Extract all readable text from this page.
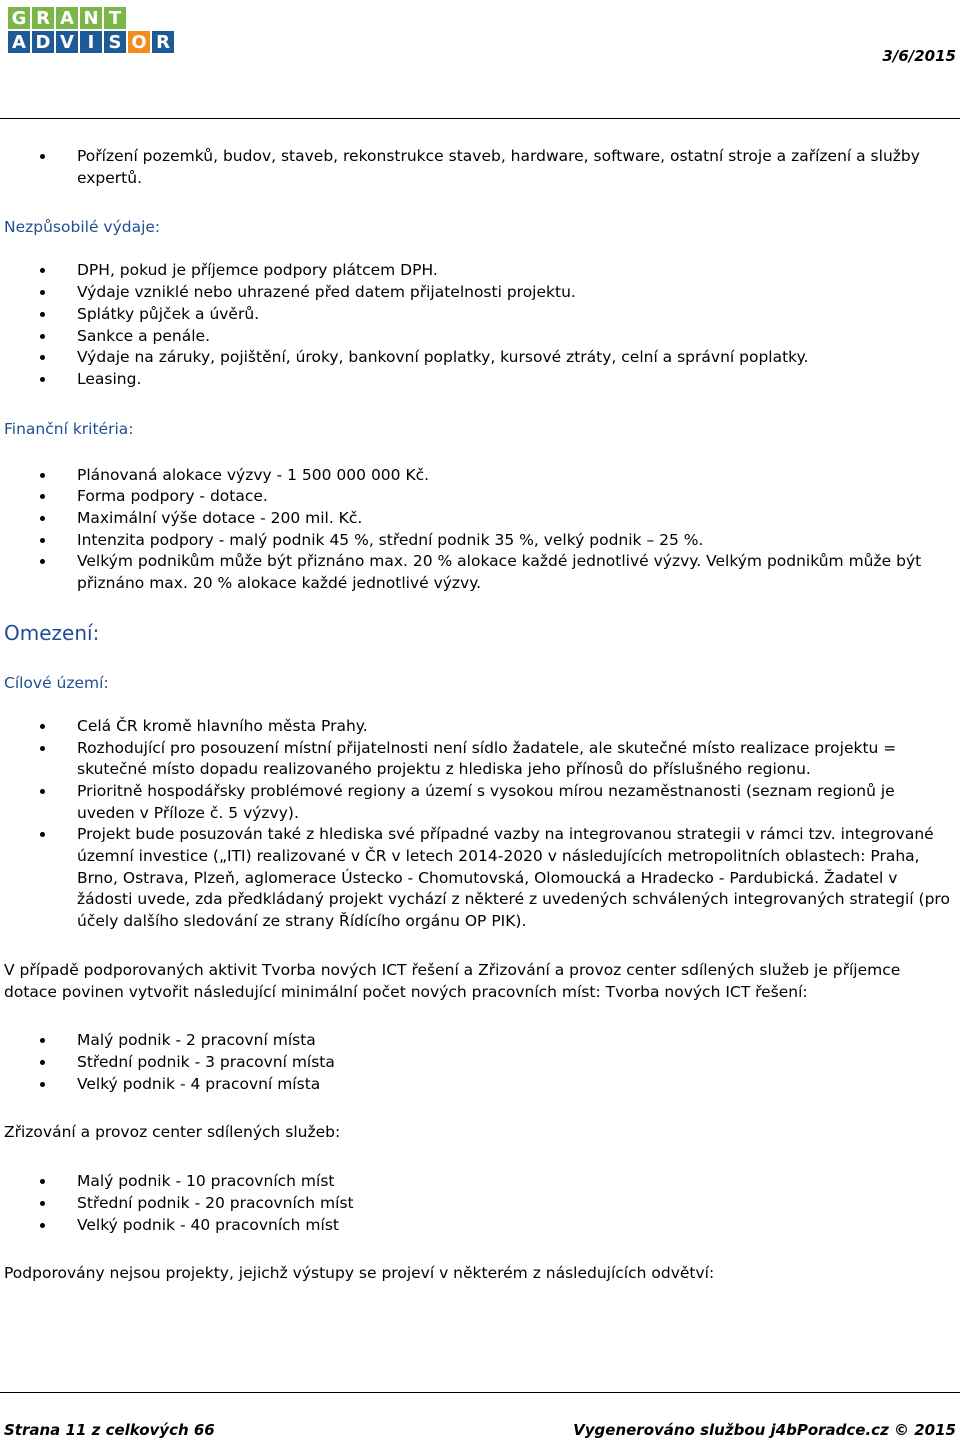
G R A N T
A D V I S O R
3/6/2015
Pořízení pozemků, budov, staveb, rekonstrukce staveb, hardware, software, ostatní stroje a zařízení a služby expertů.
Nezpůsobilé výdaje:
DPH, pokud je příjemce podpory plátcem DPH.
Výdaje vzniklé nebo uhrazené před datem přijatelnosti projektu.
Splátky půjček a úvěrů.
Sankce a penále.
Výdaje na záruky, pojištění, úroky, bankovní poplatky, kursové ztráty, celní a správní poplatky.
Leasing.
Finanční kritéria:
Plánovaná alokace výzvy - 1 500 000 000 Kč.
Forma podpory - dotace.
Maximální výše dotace - 200 mil. Kč.
Intenzita podpory - malý podnik 45 %, střední podnik 35 %, velký podnik – 25 %.
Velkým podnikům může být přiznáno max. 20 % alokace každé jednotlivé výzvy. Velkým podnikům může být přiznáno max. 20 % alokace každé jednotlivé výzvy.
Omezení:
Cílové území:
Celá ČR kromě hlavního města Prahy.
Rozhodující pro posouzení místní přijatelnosti není sídlo žadatele, ale skutečné místo realizace projektu = skutečné místo dopadu realizovaného projektu z hlediska jeho přínosů do příslušného regionu.
Prioritně hospodářsky problémové regiony a území s vysokou mírou nezaměstnanosti (seznam regionů je uveden v Příloze č. 5 výzvy).
Projekt bude posuzován také z hlediska své případné vazby na integrovanou strategii v rámci tzv. integrované územní investice („ITI) realizované v ČR v letech 2014-2020 v následujících metropolitních oblastech: Praha, Brno, Ostrava, Plzeň, aglomerace Ústecko - Chomutovská, Olomoucká a Hradecko - Pardubická. Žadatel v žádosti uvede, zda předkládaný projekt vychází z některé z uvedených schválených integrovaných strategií (pro účely dalšího sledování ze strany Řídícího orgánu OP PIK).
V případě podporovaných aktivit Tvorba nových ICT řešení a Zřizování a provoz center sdílených služeb je příjemce dotace povinen vytvořit následující minimální počet nových pracovních míst: Tvorba nových ICT řešení:
Malý podnik - 2 pracovní místa
Střední podnik - 3 pracovní místa
Velký podnik - 4 pracovní místa
Zřizování a provoz center sdílených služeb:
Malý podnik - 10 pracovních míst
Střední podnik - 20 pracovních míst
Velký podnik - 40 pracovních míst
Podporovány nejsou projekty, jejichž výstupy se projeví v některém z následujících odvětví:
Strana 11 z celkových 66	Vygenerováno službou j4bPoradce.cz © 2015
